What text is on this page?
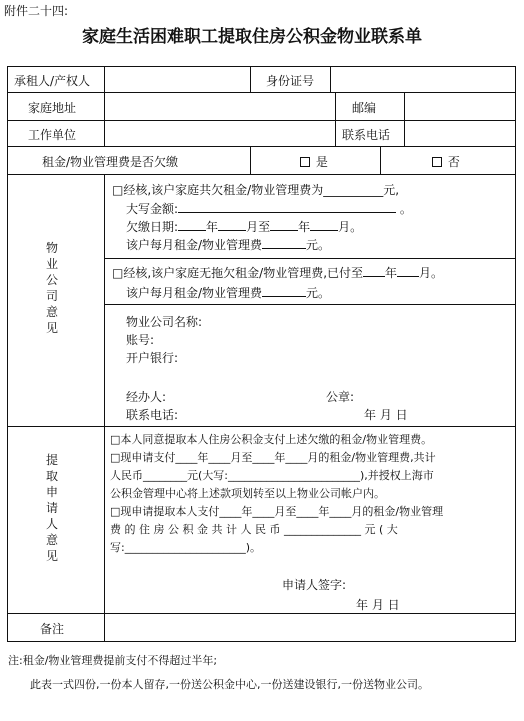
附件二十四:
家庭生活困难职工提取住房公积金物业联系单
承租人/产权人	身份证号
家庭地址	邮编
工作单位	联系电话
租金/物业管理费是否欠缴	是	否
物业公司意见
□经核,该户家庭共欠租金/物业管理费为__________元,
大写金额:	。
欠缴日期: 年 月至 年 月。
该户每月租金/物业管理费	元。
□经核,该户家庭无拖欠租金/物业管理费,已付至 年 月。
该户每月租金/物业管理费	元。
物业公司名称:
账号:
开户银行:
经办人:	公章:
联系电话:	年 月 日
提取申请人意见
□本人同意提取本人住房公积金支付上述欠缴的租金/物业管理费。
□现申请支付____年____月至____年____月的租金/物业管理费,共计
人民币________元(大写:________________________),并授权上海市
公积金管理中心将上述款项划转至以上物业公司帐户内。
□现申请提取本人支付____年____月至____年____月的租金/物业管理
费 的 住 房 公 积 金 共 计 人 民 币 ______________ 元 ( 大
写:______________________)。
申请人签字:
年 月 日
备注
注:租金/物业管理费提前支付不得超过半年;
此表一式四份,一份本人留存,一份送公积金中心,一份送建设银行,一份送物业公司。
